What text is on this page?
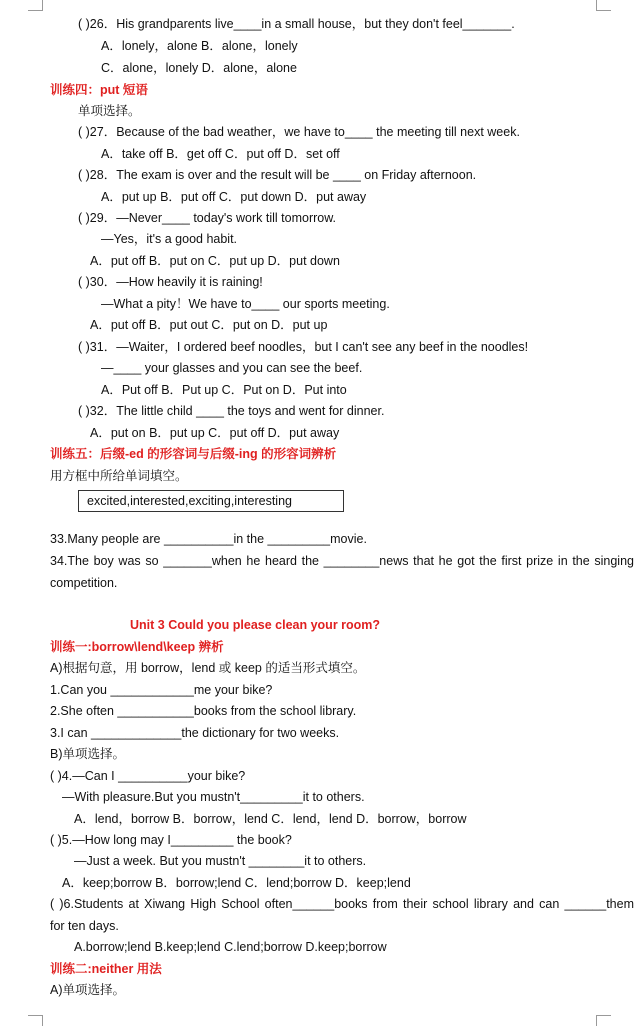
( )26．His grandparents live____in a small house，but they don't feel_______.
A．lonely，alone B．alone，lonely
C．alone，lonely D．alone，alone
训练四：put 短语
单项选择。
( )27．Because of the bad weather，we have to____ the meeting till next week.
A．take off B．get off C．put off D．set off
( )28．The exam is over and the result will be ____ on Friday afternoon.
A．put up B．put off C．put down D．put away
( )29．—Never____ today's work till tomorrow.
—Yes，it's a good habit.
A．put off B．put on C．put up D．put down
( )30．—How heavily it is raining!
—What a pity！We have to____ our sports meeting.
A．put off B．put out C．put on D．put up
( )31．—Waiter，I ordered beef noodles，but I can't see any beef in the noodles!
—____ your glasses and you can see the beef.
A．Put off B．Put up C．Put on D．Put into
( )32．The little child ____ the toys and went for dinner.
A．put on B．put up C．put off D．put away
训练五：后缀-ed 的形容词与后缀-ing 的形容词辨析
用方框中所给单词填空。
33.Many people are __________in the _________movie.
34.The boy was so _______when he heard the ________news that he got the first prize in the singing
competition.
Unit 3 Could you please clean your room?
训练一:borrow\lend\keep 辨析
A)根据句意，用 borrow，lend 或 keep 的适当形式填空。
1.Can you ____________me your bike?
2.She often ___________books from the school library.
3.I can _____________the dictionary for two weeks.
B)单项选择。
( )4.—Can I __________your bike?
—With pleasure.But you mustn't_________it to others.
A．lend，borrow B．borrow，lend C．lend，lend D．borrow，borrow
( )5.—How long may I_________ the book?
—Just a week. But you mustn't ________it to others.
A．keep;borrow B．borrow;lend C．lend;borrow D．keep;lend
( )6.Students at Xiwang High School often______books from their school library and can ______them
for ten days.
A.borrow;lend B.keep;lend C.lend;borrow D.keep;borrow
训练二:neither 用法
A)单项选择。
excited,interested,exciting,interesting
